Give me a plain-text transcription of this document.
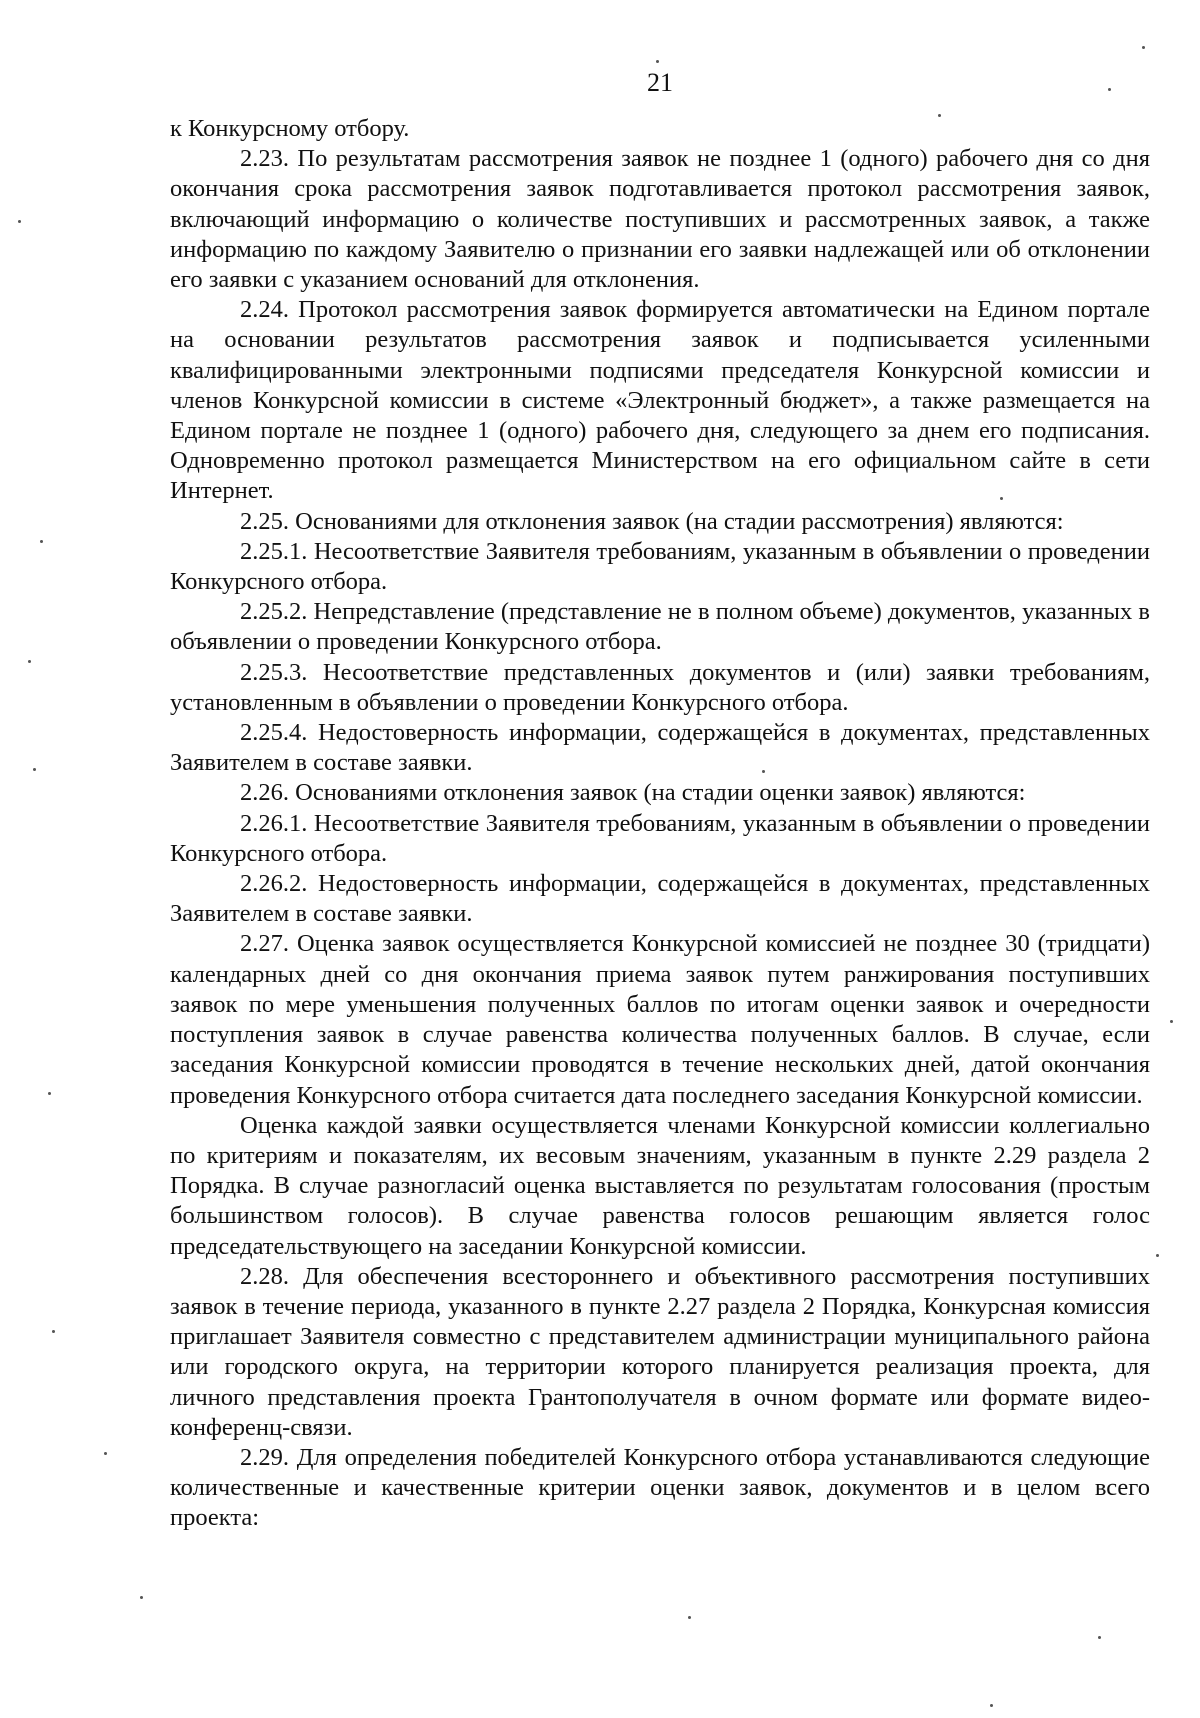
21

к Конкурсному отбору.

2.23. По результатам рассмотрения заявок не позднее 1 (одного) рабочего дня со дня окончания срока рассмотрения заявок подготавливается протокол рассмотрения заявок, включающий информацию о количестве поступивших и рассмотренных заявок, а также информацию по каждому Заявителю о признании его заявки надлежащей или об отклонении его заявки с указанием оснований для отклонения.

2.24. Протокол рассмотрения заявок формируется автоматически на Едином портале на основании результатов рассмотрения заявок и подписывается усиленными квалифицированными электронными подписями председателя Конкурсной комиссии и членов Конкурсной комиссии в системе «Электронный бюджет», а также размещается на Едином портале не позднее 1 (одного) рабочего дня, следующего за днем его подписания. Одновременно протокол размещается Министерством на его официальном сайте в сети Интернет.

2.25. Основаниями для отклонения заявок (на стадии рассмотрения) являются:

2.25.1. Несоответствие Заявителя требованиям, указанным в объявлении о проведении Конкурсного отбора.

2.25.2. Непредставление (представление не в полном объеме) документов, указанных в объявлении о проведении Конкурсного отбора.

2.25.3. Несоответствие представленных документов и (или) заявки требованиям, установленным в объявлении о проведении Конкурсного отбора.

2.25.4. Недостоверность информации, содержащейся в документах, представленных Заявителем в составе заявки.

2.26. Основаниями отклонения заявок (на стадии оценки заявок) являются:

2.26.1. Несоответствие Заявителя требованиям, указанным в объявлении о проведении Конкурсного отбора.

2.26.2. Недостоверность информации, содержащейся в документах, представленных Заявителем в составе заявки.

2.27. Оценка заявок осуществляется Конкурсной комиссией не позднее 30 (тридцати) календарных дней со дня окончания приема заявок путем ранжирования поступивших заявок по мере уменьшения полученных баллов по итогам оценки заявок и очередности поступления заявок в случае равенства количества полученных баллов. В случае, если заседания Конкурсной комиссии проводятся в течение нескольких дней, датой окончания проведения Конкурсного отбора считается дата последнего заседания Конкурсной комиссии.

Оценка каждой заявки осуществляется членами Конкурсной комиссии коллегиально по критериям и показателям, их весовым значениям, указанным в пункте 2.29 раздела 2 Порядка. В случае разногласий оценка выставляется по результатам голосования (простым большинством голосов). В случае равенства голосов решающим является голос председательствующего на заседании Конкурсной комиссии.

2.28. Для обеспечения всестороннего и объективного рассмотрения поступивших заявок в течение периода, указанного в пункте 2.27 раздела 2 Порядка, Конкурсная комиссия приглашает Заявителя совместно с представителем администрации муниципального района или городского округа, на территории которого планируется реализация проекта, для личного представления проекта Грантополучателя в очном формате или формате видео-конференц-связи.

2.29. Для определения победителей Конкурсного отбора устанавливаются следующие количественные и качественные критерии оценки заявок, документов и в целом всего проекта:
